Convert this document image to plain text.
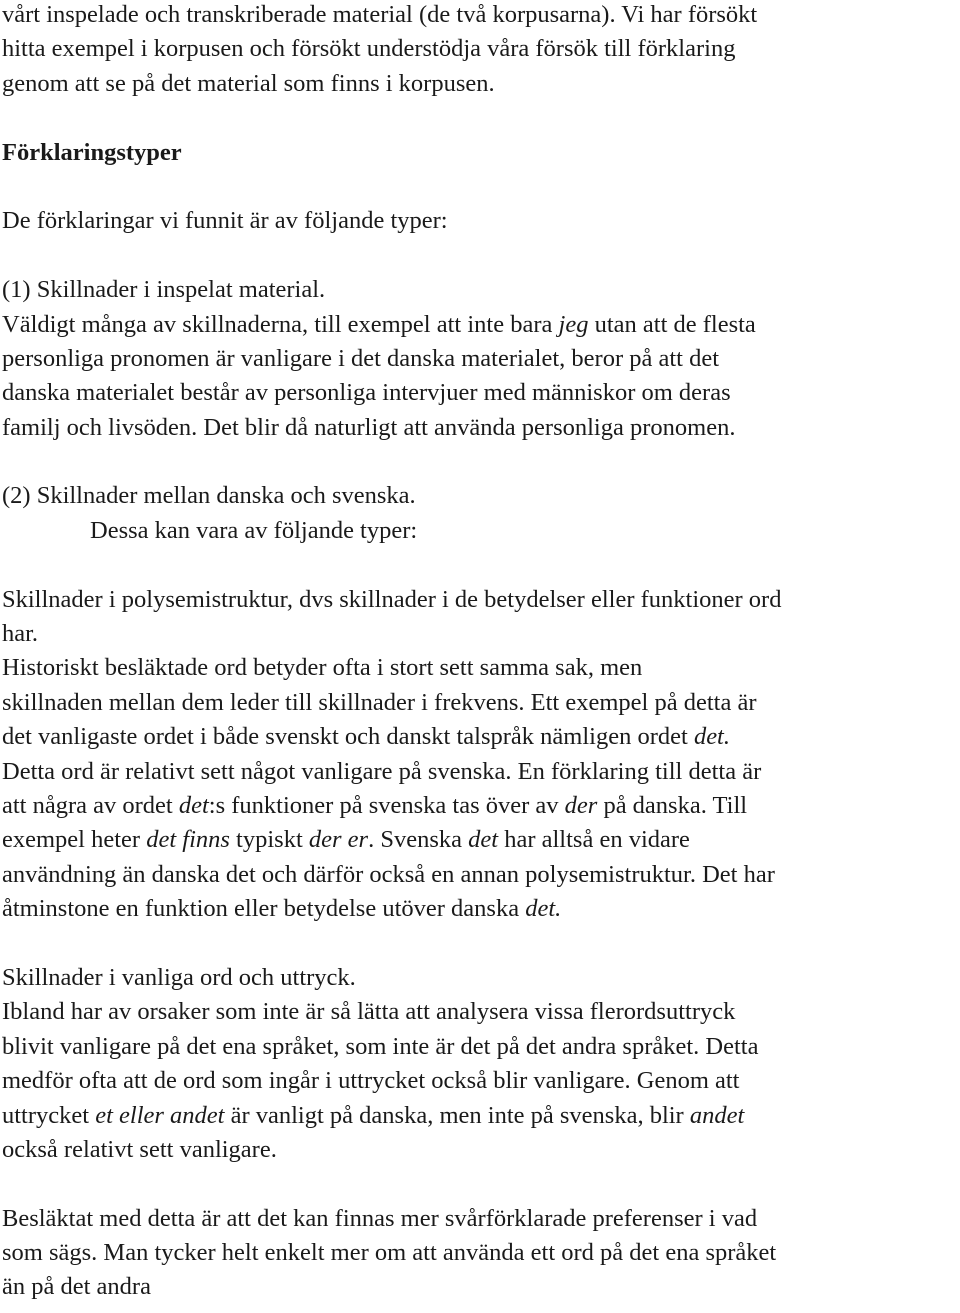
vårt inspelade och transkriberade material (de två korpusarna). Vi har försökt
hitta exempel i korpusen och försökt understödja våra försök till förklaring
genom att se på det material som finns i korpusen.
Förklaringstyper
De förklaringar vi funnit är av följande typer:
(1) Skillnader i inspelat material.
Väldigt många av skillnaderna, till exempel att inte bara jeg utan att de flesta
personliga pronomen är vanligare i det danska materialet, beror på att det
danska materialet består av personliga intervjuer med människor om deras
familj och livsöden. Det blir då naturligt att använda personliga pronomen.
(2) Skillnader mellan danska och svenska.
Dessa kan vara av följande typer:
Skillnader i polysemistruktur, dvs skillnader i de betydelser eller funktioner ord
har.
Historiskt besläktade ord betyder ofta i stort sett samma sak, men
skillnaden mellan dem leder till skillnader i frekvens. Ett exempel på detta är
det vanligaste ordet i både svenskt och danskt talspråk nämligen ordet det.
Detta ord är relativt sett något vanligare på svenska. En förklaring till detta är
att några av ordet det:s funktioner på svenska tas över av der på danska. Till
exempel heter det finns typiskt der er. Svenska det har alltså en vidare
användning än danska det och därför också en annan polysemistruktur. Det har
åtminstone en funktion eller betydelse utöver danska det.
Skillnader i vanliga ord och uttryck.
Ibland har av orsaker som inte är så lätta att analysera vissa flerordsuttryck
blivit vanligare på det ena språket, som inte är det på det andra språket. Detta
medför ofta att de ord som ingår i uttrycket också blir vanligare. Genom att
uttrycket et eller andet är vanligt på danska, men inte på svenska, blir andet
också relativt sett vanligare.
Besläktat med detta är att det kan finnas mer svårförklarade preferenser i vad
som sägs. Man tycker helt enkelt mer om att använda ett ord på det ena språket
än på det andra
